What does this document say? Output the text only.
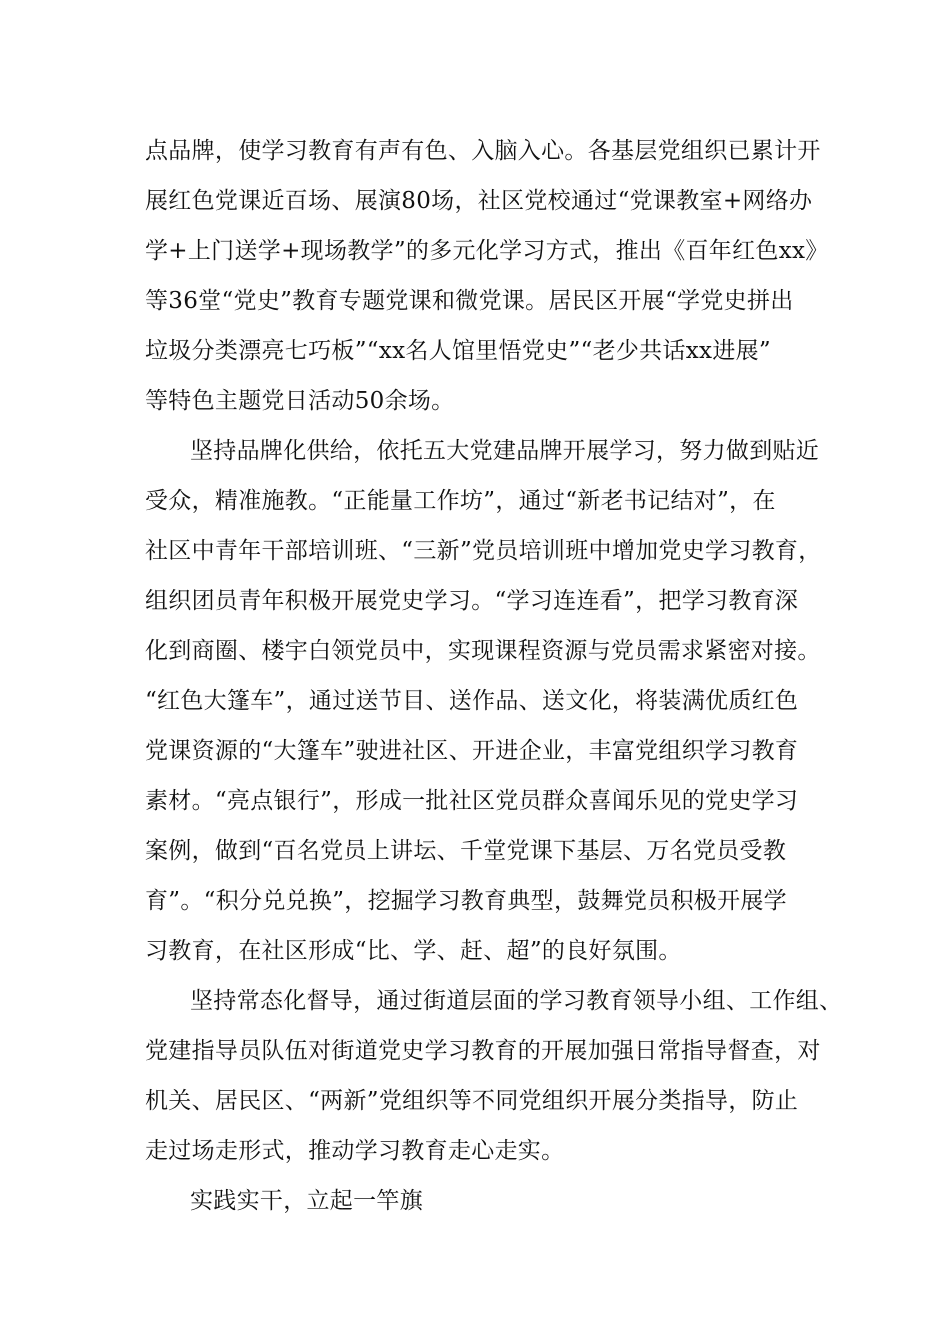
点品牌，使学习教育有声有色、入脑入心。各基层党组织已累计开
展红色党课近百场、展演80场，社区党校通过“党课教室+网络办
学+上门送学+现场教学”的多元化学习方式，推出《百年红色xx》
等36堂“党史”教育专题党课和微党课。居民区开展“学党史拼出
垃圾分类漂亮七巧板”“xx名人馆里悟党史”“老少共话xx进展”
等特色主题党日活动50余场。
坚持品牌化供给，依托五大党建品牌开展学习，努力做到贴近
受众，精准施教。“正能量工作坊”，通过“新老书记结对”，在
社区中青年干部培训班、“三新”党员培训班中增加党史学习教育，
组织团员青年积极开展党史学习。“学习连连看”，把学习教育深
化到商圈、楼宇白领党员中，实现课程资源与党员需求紧密对接。
“红色大篷车”，通过送节目、送作品、送文化，将装满优质红色
党课资源的“大篷车”驶进社区、开进企业，丰富党组织学习教育
素材。“亮点银行”，形成一批社区党员群众喜闻乐见的党史学习
案例，做到“百名党员上讲坛、千堂党课下基层、万名党员受教
育”。“积分兑兑换”，挖掘学习教育典型，鼓舞党员积极开展学
习教育，在社区形成“比、学、赶、超”的良好氛围。
坚持常态化督导，通过街道层面的学习教育领导小组、工作组、
党建指导员队伍对街道党史学习教育的开展加强日常指导督查，对
机关、居民区、“两新”党组织等不同党组织开展分类指导，防止
走过场走形式，推动学习教育走心走实。
实践实干，立起一竿旗
